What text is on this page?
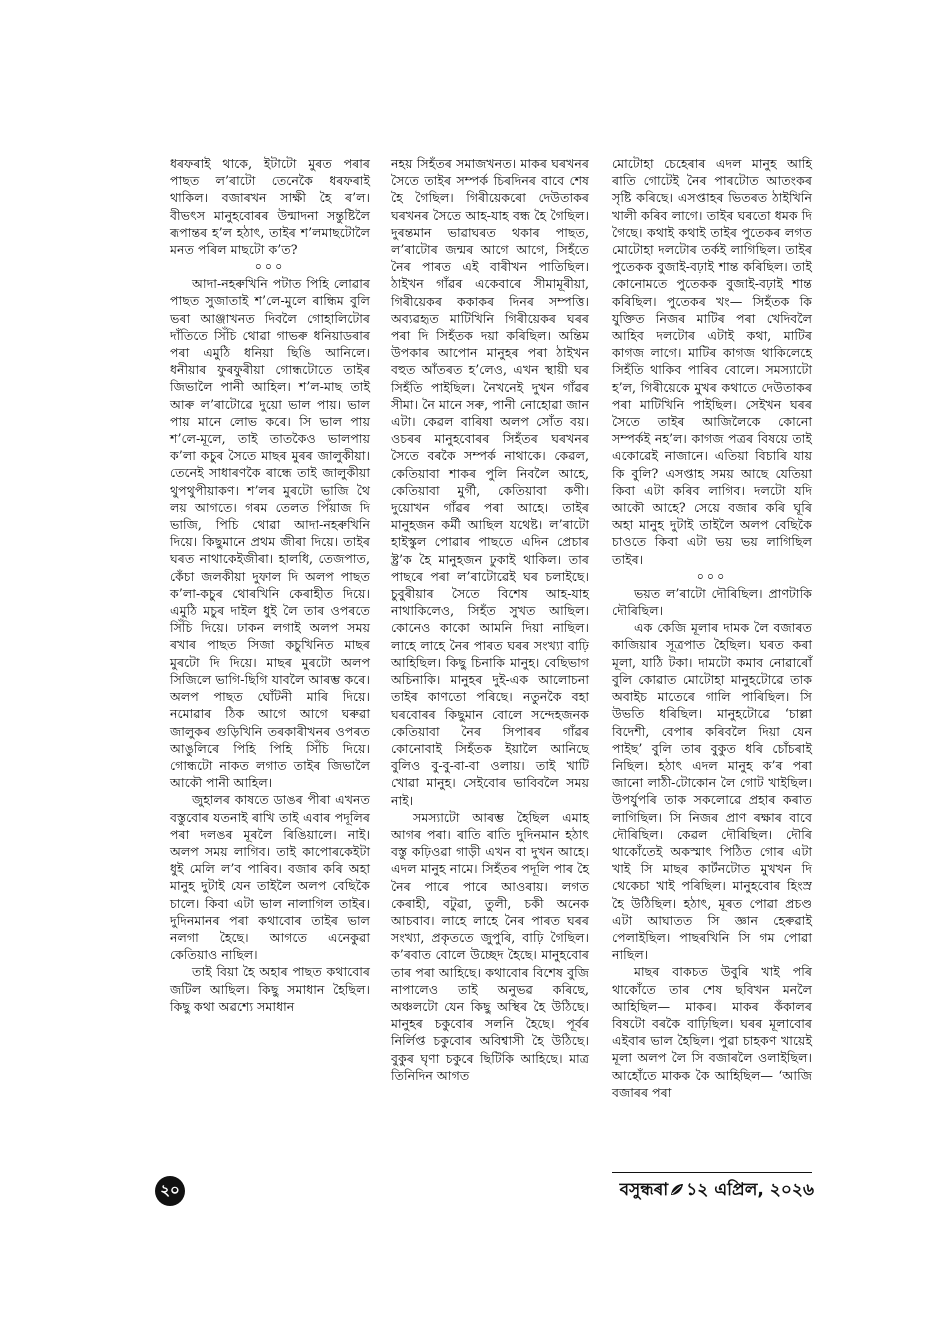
ধৰফৰাই থাকে, ইটাটো মুৰত পৰাৰ পাছত ল’ৰাটো তেনেকৈ ধৰফৰাই থাকিল। বজাৰখন সাক্ষী হৈ ৰ’ল। বীভৎস মানুহবোৰৰ উন্মাদনা সন্তুষ্টিলৈ ৰূপান্তৰ হ’ল হঠাৎ, তাইৰ শ’লমাছটোলৈ মনত পৰিল মাছটো ক’ত?

০০০

আদা-নহৰুখিনি পটাত পিহি লোৱাৰ পাছত সুজাতাই শ’লে-মুলে ৰান্ধিম বুলি ভৰা আঞ্জাখনত দিবলৈ গোহালিটোৰ দাঁতিতে সিঁচি থোৱা গাভৰু ধনিয়াডৰাৰ পৰা এমুঠি ধনিয়া ছিঙি আনিলে। ধনীয়াৰ ফুৰফুৰীয়া গোন্ধটোতে তাইৰ জিভালৈ পানী আহিল। শ’ল-মাছ তাই আৰু ল’ৰাটোৱে দুয়ো ভাল পায়। ভাল পায় মানে লোভ কৰে। সি ভাল পায় শ’লে-মূলে, তাই তাতকৈও ভালপায় ক’লা কচুৰ সৈতে মাছৰ মুৰৰ জালুকীয়া। তেনেই সাধাৰণকৈ ৰান্ধে তাই জালুকীয়া থুপথুপীয়াকণ। শ’লৰ মুৰটো ভাজি থৈ লয় আগতে। গৰম তেলত পিঁয়াজ দি ভাজি, পিচি থোৱা আদা-নহৰুখিনি দিয়ে। কিছুমানে প্ৰথম জীৰা দিয়ে। তাইৰ ঘৰত নাথাকেইজীৰা। হালধি, তেজপাত, কেঁচা জলকীয়া দুফাল দি অলপ পাছত ক’লা-কচুৰ থোৰখিনি কেৰাহীত দিয়ে। এমুঠি মচুৰ দাইল ধুই লৈ তাৰ ওপৰতে সিঁচি দিয়ে। ঢাকন লগাই অলপ সময় ৰখাৰ পাছত সিজা কচুখিনিত মাছৰ মুৰটো দি দিয়ে। মাছৰ মুৰটো অলপ সিজিলে ভাগি-ছিগি যাবলৈ আৰম্ভ কৰে। অলপ পাছত ঘোঁটনী মাৰি দিয়ে। নমোৱাৰ ঠিক আগে আগে ঘৰুৱা জালুকৰ গুড়িখিনি তৰকাৰীখনৰ ওপৰত আঙুলিৰে পিহি পিহি সিঁচি দিয়ে। গোন্ধটো নাকত লগাত তাইৰ জিভালৈ আকৌ পানী আহিল।

জুহালৰ কাষতে ডাঙৰ পীৰা এখনত বস্তুবোৰ যতনাই ৰাখি তাই এবাৰ পদূলিৰ পৰা দলঙৰ মূৰলৈ ৰিঙিয়ালে। নাই। অলপ সময় লাগিব। তাই কাপোৰকেইটা ধুই মেলি ল’ব পাৰিব। বজাৰ কৰি অহা মানুহ দুটাই যেন তাইলৈ অলপ বেছিকৈ চালে। কিবা এটা ভাল নালাগিল তাইৰ। দুদিনমানৰ পৰা কথাবোৰ তাইৰ ভাল নলগা হৈছে। আগতে এনেকুৱা কেতিয়াও নাছিল।

তাই বিয়া হৈ অহাৰ পাছত কথাবোৰ জটিল আছিল। কিছু সমাধান হৈছিল। কিছু কথা অৱশ্যে সমাধান

নহয় সিহঁতৰ সমাজখনত। মাকৰ ঘৰখনৰ সৈতে তাইৰ সম্পৰ্ক চিৰদিনৰ বাবে শেষ হৈ গৈছিল। গিৰীয়েকৰো দেউতাকৰ ঘৰখনৰ সৈতে আহ-যাহ বন্ধ হৈ গৈছিল। দুৰন্তমান ভাৱাঘৰত থকাৰ পাছত, ল’ৰাটোৰ জন্মৰ আগে আগে, সিহঁতে নৈৰ পাৰত এই বাৰীখন পাতিছিল। ঠাইখন গাঁৱৰ একেবাৰে সীমামূৰীয়া, গিৰীয়েকৰ ককাকৰ দিনৰ সম্পত্তি। অব্যৱহৃত মাটিখিনি গিৰীয়েকৰ ঘৰৰ পৰা দি সিহঁতক দয়া কৰিছিল। অন্তিম উপকাৰ আপোন মানুহৰ পৰা ঠাইখন বহুত আঁতৰত হ’লেও, এখন স্থায়ী ঘৰ সিহঁতি পাইছিল। নৈখনেই দুখন গাঁৱৰ সীমা। নৈ মানে সৰু, পানী নোহোৱা জান এটা। কেৱল বাৰিষা অলপ সোঁত বয়। ওচৰৰ মানুহবোৰৰ সিহঁতৰ ঘৰখনৰ সৈতে বৰকৈ সম্পৰ্ক নাথাকে। কেৱল, কেতিয়াবা শাকৰ পুলি নিবলৈ আহে, কেতিয়াবা মুৰ্গী, কেতিয়াবা কণী। দুয়োখন গাঁৱৰ পৰা আহে। তাইৰ মানুহজন কৰ্মী আছিল যথেষ্ট। ল’ৰাটো হাইস্কুল পোৱাৰ পাছতে এদিন প্ৰেচাৰ ষ্ট্ৰ’ক হৈ মানুহজন ঢুকাই থাকিল। তাৰ পাছৰে পৰা ল’ৰাটোৱেই ঘৰ চলাইছে। চুবুৰীয়াৰ সৈতে বিশেষ আহ-যাহ নাথাকিলেও, সিহঁত সুখত আছিল। কোনেও কাকো আমনি দিয়া নাছিল। লাহে লাহে নৈৰ পাৰত ঘৰৰ সংখ্যা বাঢ়ি আহিছিল। কিছু চিনাকি মানুহ। বেছিভাগ অচিনাকি। মানুহৰ দুই-এক আলোচনা তাইৰ কাণতো পৰিছে। নতুনকৈ বহা ঘৰবোৰৰ কিছুমান বোলে সন্দেহজনক কেতিয়াবা নৈৰ সিপাৰৰ গাঁৱৰ কোনোবাই সিহঁতক ইয়ালৈ আনিছে বুলিও বু-বু-বা-বা ওলায়। তাই খাটি খোৱা মানুহ। সেইবোৰ ভাবিবলৈ সময় নাই।

সমস্যাটো আৰম্ভ হৈছিল এমাহ আগৰ পৰা। ৰাতি ৰাতি দুদিনমান হঠাৎ বস্তু কঢ়িওৱা গাড়ী এখন বা দুখন আহে। এদল মানুহ নামে। সিহঁতৰ পদূলি পাৰ হৈ নৈৰ পাৰে পাৰে আওৰায়। লগত কেৰাহী, বটুৱা, তুলী, চকী অনেক আচবাব। লাহে লাহে নৈৰ পাৰত ঘৰৰ সংখ্যা, প্ৰকৃততে জুপুৰি, বাঢ়ি গৈছিল। ক’ৰবাত বোলে উচ্ছেদ হৈছে। মানুহবোৰ তাৰ পৰা আহিছে। কথাবোৰ বিশেষ বুজি নাপালেও তাই অনুভৱ কৰিছে, অঞ্চলটো যেন কিছু অস্থিৰ হৈ উঠিছে। মানুহৰ চকুবোৰ সলনি হৈছে। পূৰ্বৰ নিৰ্লিপ্ত চকুবোৰ অবিশ্বাসী হৈ উঠিছে। বুকুৰ ঘৃণা চকুৰে ছিটিকি আহিছে। মাত্ৰ তিনিদিন আগত

মোটোহা চেহেৰাৰ এদল মানুহ আহি ৰাতি গোটেই নৈৰ পাৰটোত আতংকৰ সৃষ্টি কৰিছে। এসপ্তাহৰ ভিতৰত ঠাইখিনি খালী কৰিব লাগে। তাইৰ ঘৰতো ধমক দি গৈছে। কথাই কথাই তাইৰ পুতেকৰ লগত মোটোহা দলটোৰ তৰ্কই লাগিছিল। তাইৰ পুতেকক বুজাই-বঢ়াই শান্ত কৰিছিল। তাই কোনোমতে পুতেকক বুজাই-বঢ়াই শান্ত কৰিছিল। পুতেকৰ খং— সিহঁতক কি যুক্তিত নিজৰ মাটিৰ পৰা খেদিবলৈ আহিব দলটোৰ এটাই কথা, মাটিৰ কাগজ লাগে। মাটিৰ কাগজ থাকিলেহে সিহঁতি থাকিব পাৰিব বোলে। সমস্যাটো হ’ল, গিৰীয়েকে মুখৰ কথাতে দেউতাকৰ পৰা মাটিখিনি পাইছিল। সেইখন ঘৰৰ সৈতে তাইৰ আজিলৈকে কোনো সম্পৰ্কই নহ’ল। কাগজ পত্ৰৰ বিষয়ে তাই একোৱেই নাজানে। এতিয়া বিচাৰি যায় কি বুলি? এসপ্তাহ সময় আছে যেতিয়া কিবা এটা কৰিব লাগিব। দলটো যদি আকৌ আহে? সেয়ে বজাৰ কৰি ঘূৰি অহা মানুহ দুটাই তাইলৈ অলপ বেছিকৈ চাওতে কিবা এটা ভয় ভয় লাগিছিল তাইৰ।

০০০

ভয়ত ল’ৰাটো দৌৰিছিল। প্ৰাণটাকি দৌৰিছিল।

এক কেজি মূলাৰ দামক লৈ বজাৰত কাজিয়াৰ সূত্ৰপাত হৈছিল। ঘৰত কৰা মূলা, যাঠি টকা। দামটো কমাব নোৱাৰোঁ বুলি কোৱাত মোটোহা মানুহটোৱে তাক অবাইচ মাতেৰে গালি পাৰিছিল। সি উভতি ধৰিছিল। মানুহটোৱে ‘চাল্লা বিদেশী, বেপাৰ কৰিবলৈ দিয়া যেন পাইছ’ বুলি তাৰ বুকুত ধৰি চোঁচৰাই নিছিল। হঠাৎ এদল মানুহ ক’ৰ পৰা জানো লাঠী-টোকোন লৈ গোট খাইছিল। উপৰ্যুপৰি তাক সকলোৱে প্ৰহাৰ কৰাত লাগিছিল। সি নিজৰ প্ৰাণ ৰক্ষাৰ বাবে দৌৰিছিল। কেৱল দৌৰিছিল। দৌৰি থাকোঁতেই অকস্মাৎ পিঠিত গোৰ এটা খাই সি মাছৰ কাৰ্টনটোত মুখখন দি থেকেচা খাই পৰিছিল। মানুহবোৰ হিংস্ৰ হৈ উঠিছিল। হঠাৎ, মূৰত পোৱা প্ৰচণ্ড এটা আঘাতত সি জ্ঞান হেৰুৱাই পেলাইছিল। পাছৰখিনি সি গম পোৱা নাছিল।

মাছৰ বাকচত উবুৰি খাই পৰি থাকোঁতে তাৰ শেষ ছবিখন মনলৈ আহিছিল— মাকৰ। মাকৰ কঁকালৰ বিষটো বৰকৈ বাঢ়িছিল। ঘৰৰ মূলাবোৰ এইবাৰ ভাল হৈছিল। পুৱা চাহকণ খায়েই মূলা অলপ লৈ সি বজাৰলৈ ওলাইছিল। আহোঁতে মাকক কৈ আহিছিল— ‘আজি বজাৰৰ পৰা

২০	বসুন্ধৰা ১২ এপ্ৰিল, ২০২৬
